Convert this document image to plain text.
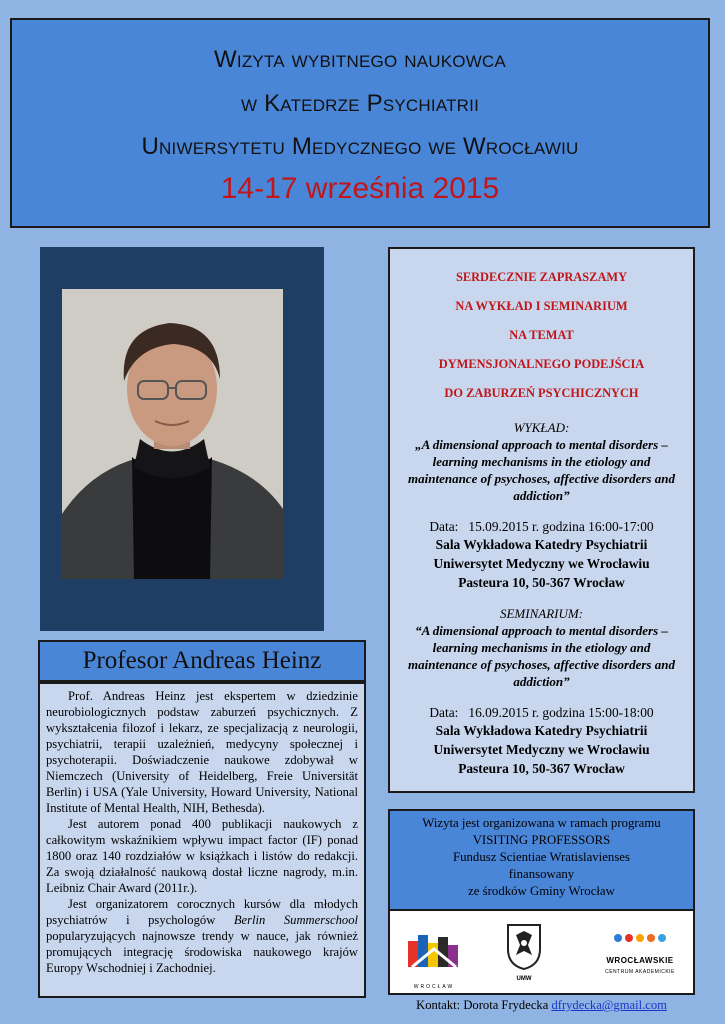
Wizyta wybitnego naukowca
w Katedrze Psychiatrii
Uniwersytetu Medycznego we Wrocławiu
14-17 września 2015
Profesor Andreas Heinz

Prof. Andreas Heinz jest ekspertem w dziedzinie neurobiologicznych podstaw zaburzeń psychicznych. Z wykształcenia filozof i lekarz, ze specjalizacją z neurologii, psychiatrii, terapii uzależnień, medycyny społecznej i psychoterapii. Doświadczenie naukowe zdobywał w Niemczech (University of Heidelberg, Freie Universität Berlin) i USA (Yale University, Howard University, National Institute of Mental Health, NIH, Bethesda).

Jest autorem ponad 400 publikacji naukowych z całkowitym wskaźnikiem wpływu impact factor (IF) ponad 1800 oraz 140 rozdziałów w książkach i listów do redakcji. Za swoją działalność naukową dostał liczne nagrody, m.in. Leibniz Chair Award (2011r.).

Jest organizatorem corocznych kursów dla młodych psychiatrów i psychologów Berlin Summerschool popularyzujących najnowsze trendy w nauce, jak również promujących integrację środowiska naukowego krajów Europy Wschodniej i Zachodniej.

SERDECZNIE ZAPRASZAMY
NA WYKŁAD I SEMINARIUM
NA TEMAT
DYMENSJONALNEGO PODEJŚCIA
DO ZABURZEŃ PSYCHICZNYCH
WYKŁAD:
„A dimensional approach to mental disorders – learning mechanisms in the etiology and maintenance of psychoses, affective disorders and addiction”
Data:   15.09.2015 r. godzina 16:00-17:00
Sala Wykładowa Katedry Psychiatrii
Uniwersytet Medyczny we Wrocławiu
Pasteura 10, 50-367 Wrocław
SEMINARIUM:
“A dimensional approach to mental disorders – learning mechanisms in the etiology and maintenance of psychoses, affective disorders and addiction”
Data:   16.09.2015 r. godzina 15:00-18:00
Sala Wykładowa Katedry Psychiatrii
Uniwersytet Medyczny we Wrocławiu
Pasteura 10, 50-367 Wrocław
Wizyta jest organizowana w ramach programu
VISITING PROFESSORS
Fundusz Scientiae Wratislavienses
finansowany
ze środków Gminy Wrocław
WROCŁAW
UMW
WROCŁAWSKIE
CENTRUM AKADEMICKIE
Kontakt: Dorota Frydecka dfrydecka@gmail.com
